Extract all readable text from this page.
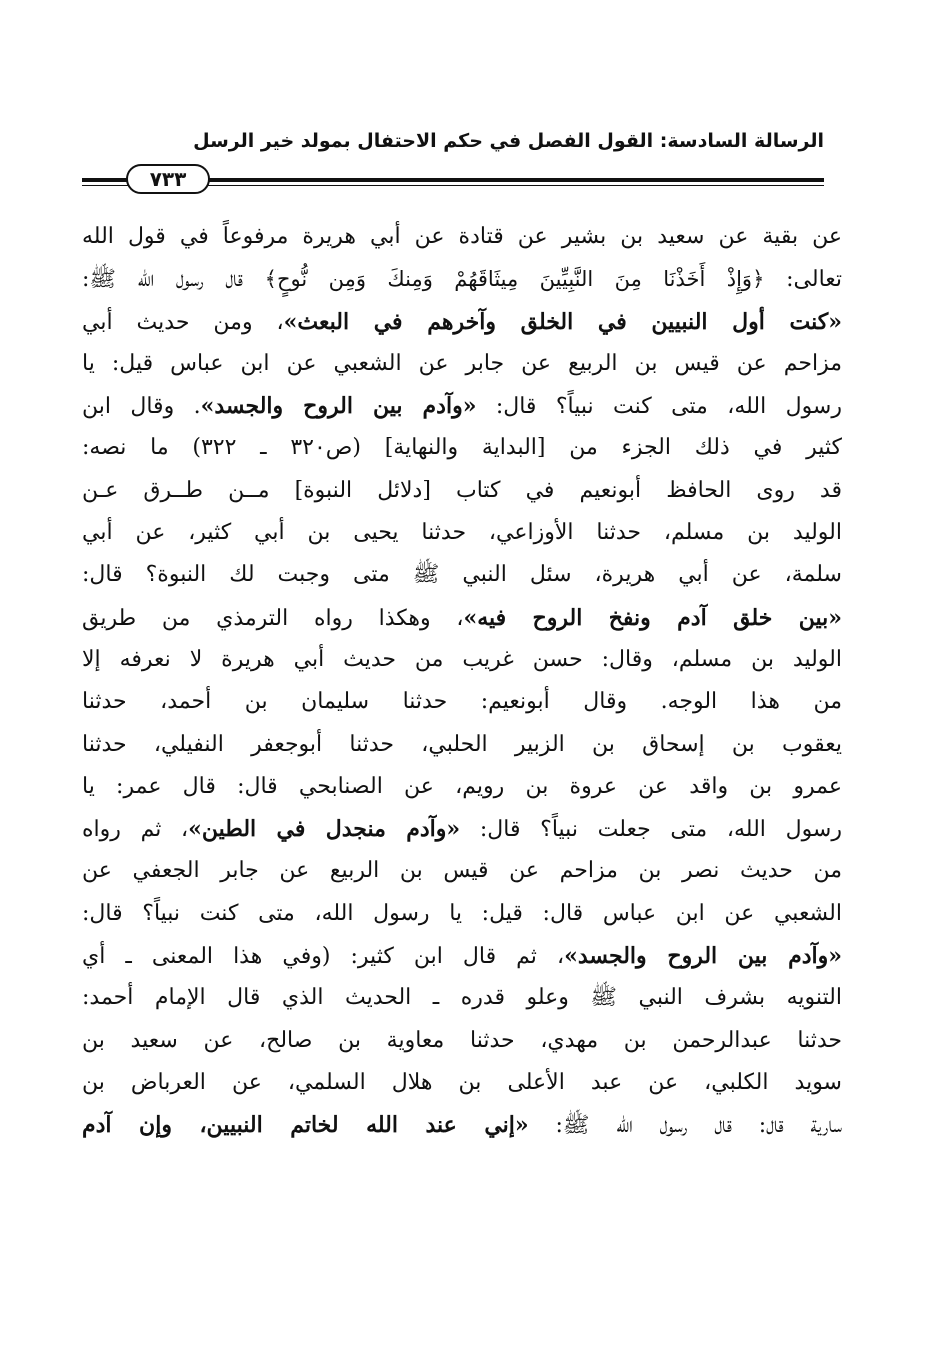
الرسالة السادسة: القول الفصل في حكم الاحتفال بمولد خير الرسل
٧٣٣
عن بقية عن سعيد بن بشير عن قتادة عن أبي هريرة مرفوعاً في قول الله
تعالى: ﴿وَإِذْ أَخَذْنَا مِنَ النَّبِيِّينَ مِيثَاقَهُمْ وَمِنكَ وَمِن نُّوحٍ﴾ قال رسول الله ﷺ:
«كنت أول النبيين في الخلق وآخرهم في البعث»، ومن حديث أبي
مزاحم عن قيس بن الربيع عن جابر عن الشعبي عن ابن عباس قيل: يا
رسول الله، متى كنت نبياً؟ قال: «وآدم بين الروح والجسد». وقال ابن
كثير في ذلك الجزء من [البداية والنهاية] (ص٣٢٠ ـ ٣٢٢) ما نصه:
قد روى الحافظ أبونعيم في كتاب [دلائل النبوة] مــن طــرق عـن
الوليد بن مسلم، حدثنا الأوزاعي، حدثنا يحيى بن أبي كثير، عن أبي
سلمة، عن أبي هريرة، سئل النبي ﷺ متى وجبت لك النبوة؟ قال:
«بين خلق آدم ونفخ الروح فيه»، وهكذا رواه الترمذي من طريق
الوليد بن مسلم، وقال: حسن غريب من حديث أبي هريرة لا نعرفه إلا
من هذا الوجه. وقال أبونعيم: حدثنا سليمان بن أحمد، حدثنا
يعقوب بن إسحاق بن الزبير الحلبي، حدثنا أبوجعفر النفيلي، حدثنا
عمرو بن واقد عن عروة بن رويم، عن الصنابحي قال: قال عمر: يا
رسول الله، متى جعلت نبياً؟ قال: «وآدم منجدل في الطين»، ثم رواه
من حديث نصر بن مزاحم عن قيس بن الربيع عن جابر الجعفي عن
الشعبي عن ابن عباس قال: قيل: يا رسول الله، متى كنت نبياً؟ قال:
«وآدم بين الروح والجسد»، ثم قال ابن كثير: (وفي هذا المعنى ـ أي
التنويه بشرف النبي ﷺ وعلو قدره ـ الحديث الذي قال الإمام أحمد:
حدثنا عبدالرحمن بن مهدي، حدثنا معاوية بن صالح، عن سعيد بن
سويد الكلبي، عن عبد الأعلى بن هلال السلمي، عن العرباض بن
سارية قال: قال رسول الله ﷺ: «إني عند الله لخاتم النبيين، وإن آدم
